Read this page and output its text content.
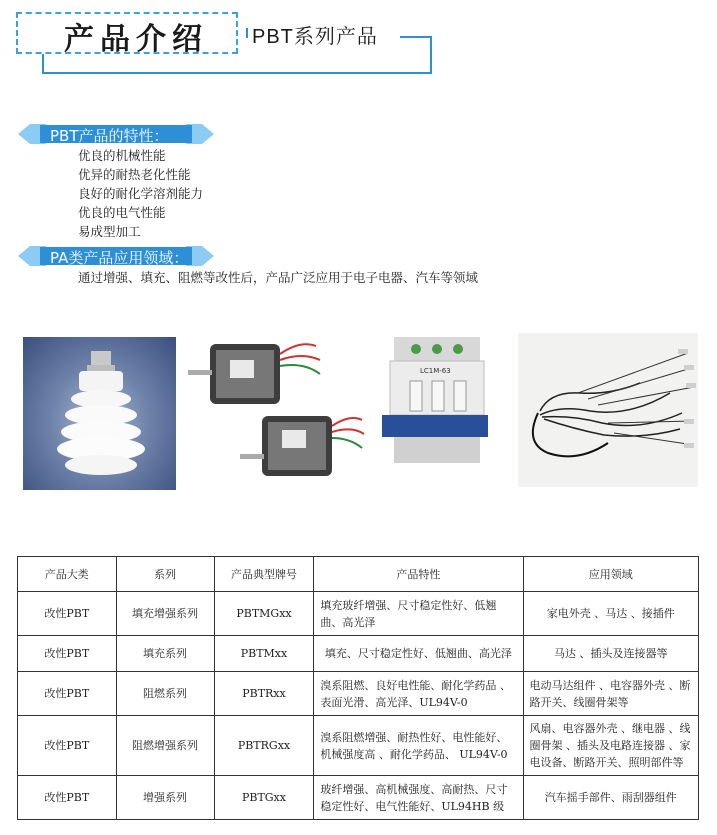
产品介绍 PBT系列产品
PBT产品的特性：
优良的机械性能
优异的耐热老化性能
良好的耐化学溶剂能力
优良的电气性能
易成型加工
PA类产品应用领域：
通过增强、填充、阻燃等改性后，产品广泛应用于电子电器、汽车等领域
LC1M-63
产品大类	系列	产品典型牌号	产品特性	应用领域
改性PBT	填充增强系列	PBTMGxx	填充玻纤增强、尺寸稳定性好、低翘曲、高光泽	家电外壳 、马达 、接插件
改性PBT	填充系列	PBTMxx	填充、尺寸稳定性好、低翘曲、高光泽	马达 、插头及连接器等
改性PBT	阻燃系列	PBTRxx	溴系阻燃、良好电性能、耐化学药品 、表面光滑、高光泽、UL94V-0	电动马达组件 、电容器外壳 、断路开关、线圈骨架等
改性PBT	阻燃增强系列	PBTRGxx	溴系阻燃增强、耐热性好、电性能好、机械强度高 、耐化学药品、 UL94V-0	风扇、电容器外壳 、继电器 、线圈骨架 、插头及电路连接器 、家电设备、断路开关、照明部件等
改性PBT	增强系列	PBTGxx	玻纤增强、高机械强度、高耐热、尺寸稳定性好、电气性能好、UL94HB 级	汽车摇手部件、雨刮器组件
